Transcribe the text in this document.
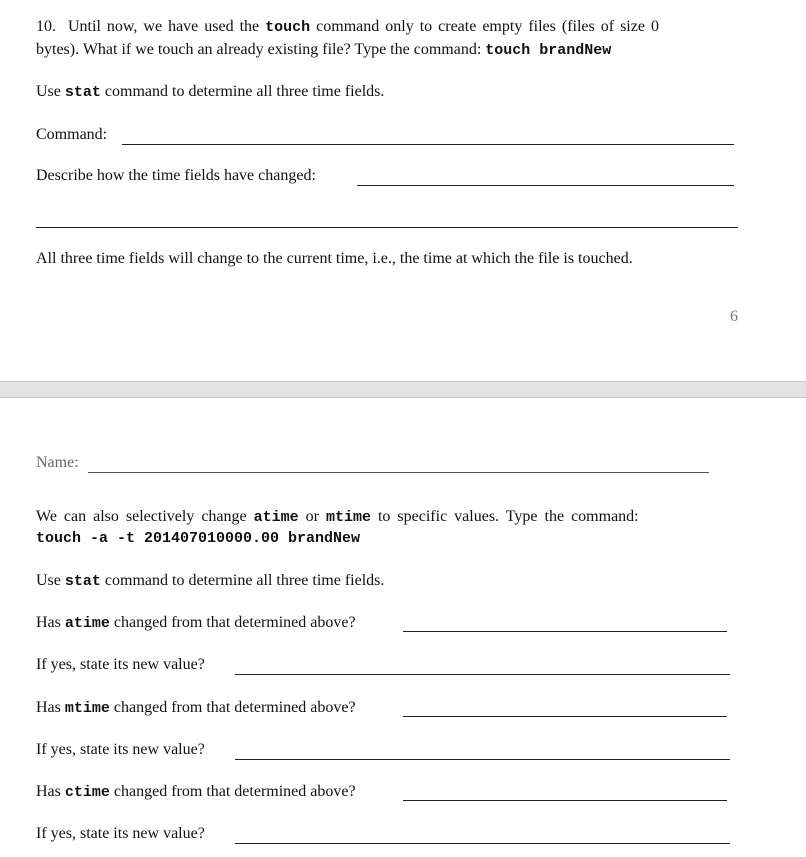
10. Until now, we have used the touch command only to create empty files (files of size 0
bytes). What if we touch an already existing file? Type the command: touch brandNew
Use stat command to determine all three time fields.
Command:
Describe how the time fields have changed:
All three time fields will change to the current time, i.e., the time at which the file is touched.
6
Name:
We can also selectively change atime or mtime to specific values. Type the command:
touch -a -t 201407010000.00 brandNew
Use stat command to determine all three time fields.
Has atime changed from that determined above?
If yes, state its new value?
Has mtime changed from that determined above?
If yes, state its new value?
Has ctime changed from that determined above?
If yes, state its new value?
